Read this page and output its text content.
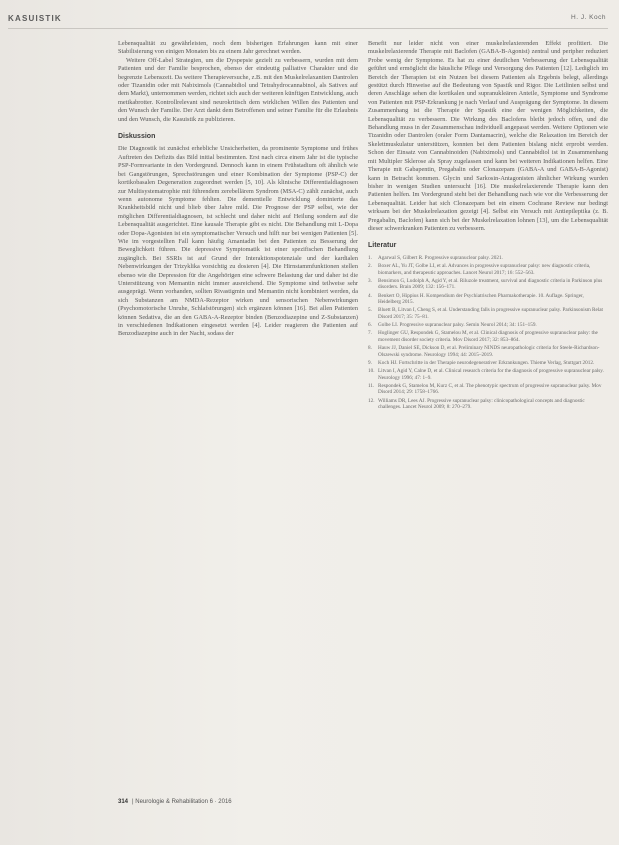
KASUISTIK	H. J. Koch

Lebensqualität zu gewährleisten, noch dem bisherigen Erfahrungen kann mit einer Stabilisierung von einigen Monaten bis zu einem Jahr gerechnet werden.

Weitere Off-Label Strategien, um die Dyspepsie gezielt zu verbessern, wurden mit dem Patienten und der Familie besprochen, ebenso der eindeutig palliative Charakter und die begrenzte Lebenszeit. Da weitere Therapieversuche, z.B. mit den Muskelrelaxantien Dantrolen oder Tizanidin oder mit Nabiximols (Cannabidiol und Tetrahydrocannabinol, als Sativex auf dem Markt), unternommen werden, richtet sich auch der weiteren künftigen Entwicklung, auch metikabrotter. Kontrollrelevant sind neurokritisch dem wirklichen Willen des Patienten und den Wunsch der Familie. Der Arzt dankt dem Betroffenen und seiner Familie für die Erlaubnis und den Wunsch, die Kasuistik zu publizieren.

Diskussion

Die Diagnostik ist zunächst erhebliche Unsicherheiten, da prominente Symptome und frühes Auftreten des Defizits das Bild initial bestimmten. Erst nach circa einem Jahr ist die typische PSP-Formvariante in den Vordergrund. Dennoch kann in einem Frühstadium oft ähnlich wie bei Gangstörungen, Sprechstörungen und einer Kombination der Symptome (PSP-C) der kortikobasalen Degeneration zugeordnet werden [5, 10]. Als klinische Differentialdiagnosen zur Multisystematrophie mit führendem zerebellärem Syndrom (MSA-C) zählt zunächst, auch wenn autonome Symptome fehlten. Die dementielle Entwicklung dominierte das Krankheitsbild nicht und blieb über Jahre mild. Die Prognose der PSP selbst, wie der möglichen Differentialdiagnosen, ist schlecht und daher nicht auf Heilung sondern auf die Lebensqualität ausgerichtet. Eine kausale Therapie gibt es nicht. Die Behandlung mit L-Dopa oder Dopa-Agonisten ist ein symptomatischer Versuch und hilft nur bei wenigen Patienten [5]. Wie im vorgestellten Fall kann häufig Amantadin bei den Patienten zu Besserung der Beweglichkeit führen. Die depressive Symptomatik ist einer spezifischen Behandlung zugänglich. Bei SSRIs ist auf Grund der Interaktionspotenziale und der kardialen Nebenwirkungen der Trizyklika vorsichtig zu dosieren [4]. Die Hirnstammfunktionen stellen ebenso wie die Depression für die Angehörigen eine schwere Belastung dar und daher ist die Unterstützung von Memantin nicht immer ausreichend. Die Symptome sind teilweise sehr ausgeprägt. Wenn vorhanden, sollten Rivastigmin und Memantin nicht kombiniert werden, da sich Substanzen am NMDA-Rezeptor wirken und sensorischen Nebenwirkungen (Psychomotorische Unruhe, Schlafstörungen) sich ergänzen können [16]. Bei allen Patienten können Sedativa, die an den GABA-A-Rezeptor binden (Benzodiazepine und Z-Substanzen) in verschiedenen Indikationen eingesetzt werden [4]. Leider reagieren die Patienten auf Benzodiazepine auch in der Nacht, sodass der

Benefit nur leider nicht von einer muskelrelaxierenden Effekt profitiert. Die muskelrelaxierende Therapie mit Baclofen (GABA-B-Agonist) zentral und peripher reduziert Probe wenig der Symptome. Es hat zu einer deutlichen Verbesserung der Lebensqualität geführt und ermöglicht die häusliche Pflege und Versorgung des Patienten [12]. Lediglich im Bereich der Therapien ist ein Nutzen bei diesem Patienten als Ergebnis belegt, allerdings gestützt durch Hinweise auf die Bedeutung von Spastik und Rigor. Die Leitlinien selbst und deren Anschläge sehen die kortikalen und supranukleären Anteile, Symptome und Syndrome von Patienten mit PSP-Erkrankung je nach Verlauf und Ausprägung der Symptome. In diesem Zusammenhang ist die Therapie der Spastik eine der wenigen Möglichkeiten, die Lebensqualität zu verbessern. Die Wirkung des Baclofens bleibt jedoch offen, und die Behandlung muss in der Zusammenschau individuell angepasst werden. Weitere Optionen wie Tizanidin oder Dantrolen (oraler Form Dantamacrin), welche die Relaxation im Bereich der Skelettmuskulatur unterstützen, konnten bei dem Patienten bislang nicht erprobt werden. Schon der Einsatz von Cannabinoiden (Nabiximols) und Cannabidiol ist in Zusammenhang mit Multipler Sklerose als Spray zugelassen und kann bei weiteren Indikationen helfen. Eine Therapie mit Gabapentin, Pregabalin oder Clonazepam (GABA-A und GABA-B-Agonist) kann in Betracht kommen. Glycin und Sarkosin-Antagonisten ähnlicher Wirkung wurden bisher in wenigen Studien untersucht [16]. Die muskelrelaxierende Therapie kann den Patienten helfen. Im Vordergrund steht bei der Behandlung nach wie vor die Verbesserung der Lebensqualität. Leider hat sich Clonazepam bei ein einem Cochrane Review nur bedingt wirksam bei der Muskelrelaxation gezeigt [4]. Selbst ein Versuch mit Antiepileptika (z. B. Pregabalin, Baclofen) kann sich bei der Muskelrelaxation lohnen [13], um die Lebensqualität dieser schwerkranken Patienten zu verbessern.

Literatur
1. Agarwal S, Gilbert R. Progressive supranuclear palsy. 2021.
2. Boxer AL, Yu JT, Golbe LI, et al. Advances in progressive supranuclear palsy: new diagnostic criteria, biomarkers, and therapeutic approaches. Lancet Neurol 2017; 16: 552–563.
3. Bensimon G, Ludolph A, Agid Y, et al. Riluzole treatment, survival and diagnostic criteria in Parkinson plus disorders. Brain 2009; 132: 156–171.
4. Benkert O, Hippius H. Kompendium der Psychiatrischen Pharmakotherapie. 10. Auflage. Springer, Heidelberg 2015.
5. Bluett B, Litvan I, Cheng S, et al. Understanding falls in progressive supranuclear palsy. Parkinsonism Relat Disord 2017; 35: 75–81.
6. Golbe LI. Progressive supranuclear palsy. Semin Neurol 2014; 34: 151–159.
7. Hoglinger GU, Respondek G, Stamelou M, et al. Clinical diagnosis of progressive supranuclear palsy: the movement disorder society criteria. Mov Disord 2017; 32: 853–864.
8. Hauw JJ, Daniel SE, Dickson D, et al. Preliminary NINDS neuropathologic criteria for Steele-Richardson-Olszewski syndrome. Neurology 1994; 44: 2015–2019.
9. Koch HJ. Fortschritte in der Therapie neurodegenerativer Erkrankungen. Thieme Verlag, Stuttgart 2012.
10. Litvan I, Agid Y, Calne D, et al. Clinical research criteria for the diagnosis of progressive supranuclear palsy. Neurology 1996; 47: 1–9.
11. Respondek G, Stamelou M, Kurz C, et al. The phenotypic spectrum of progressive supranuclear palsy. Mov Disord 2014; 29: 1758–1766.
12. Williams DR, Lees AJ. Progressive supranuclear palsy: clinicopathological concepts and diagnostic challenges. Lancet Neurol 2009; 8: 270–279.
314 | Neurologie & Rehabilitation 6 · 2016
